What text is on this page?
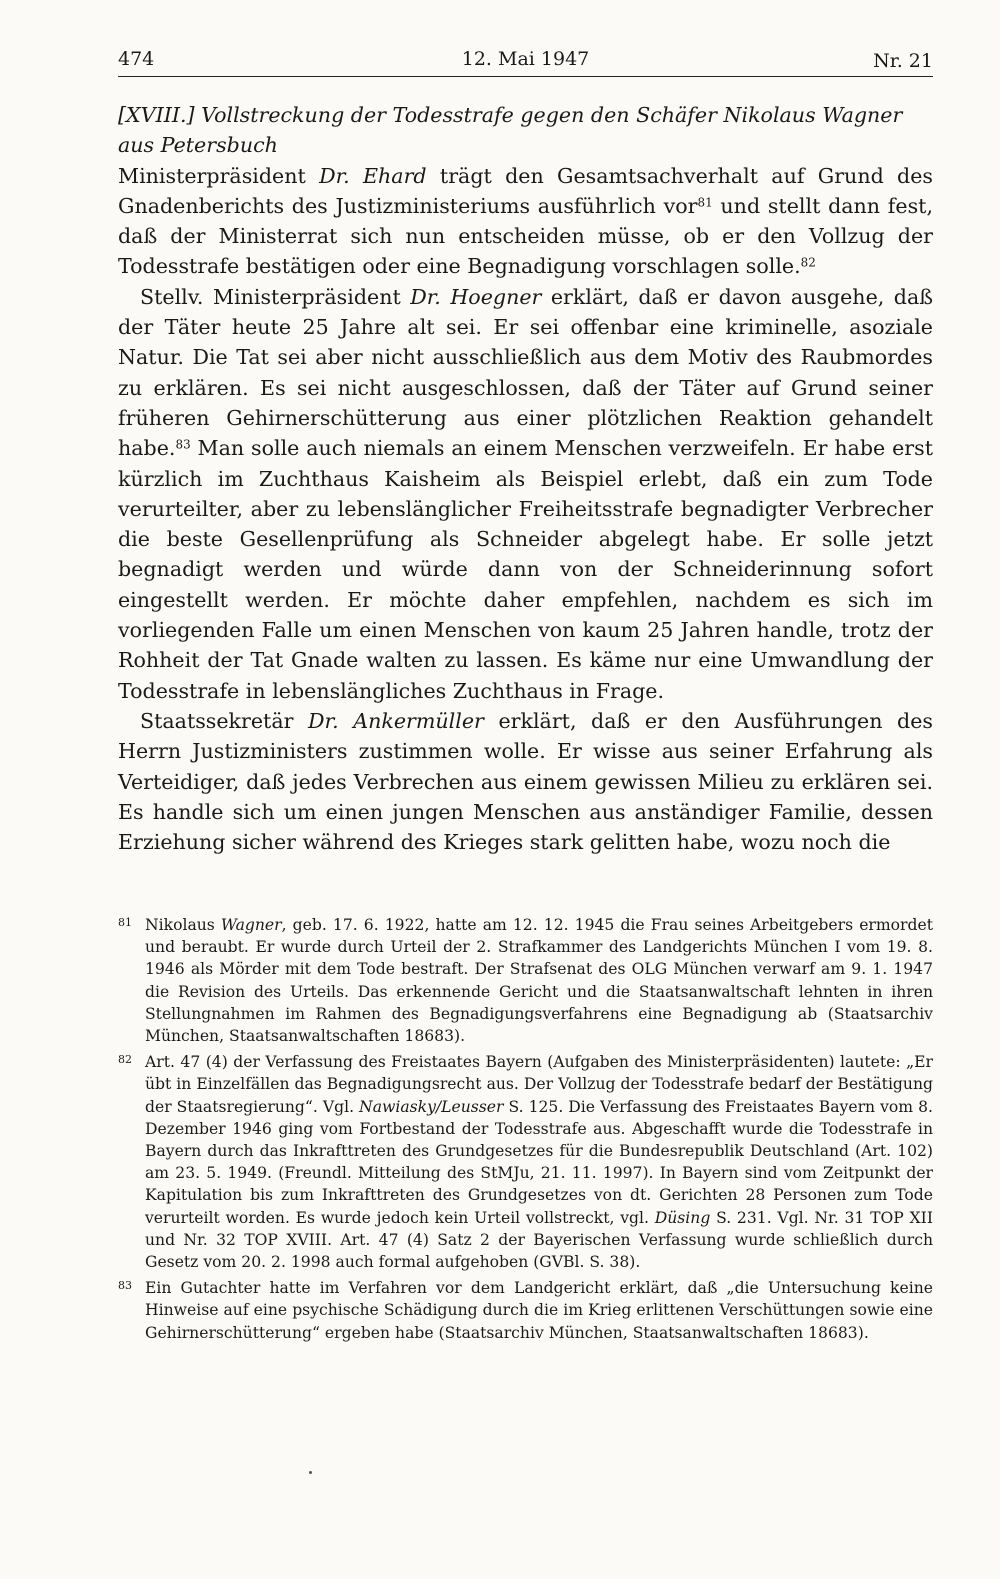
474	12. Mai 1947	Nr. 21

[XVIII.] Vollstreckung der Todesstrafe gegen den Schäfer Nikolaus Wagner
aus Petersbuch

Ministerpräsident Dr. Ehard trägt den Gesamtsachverhalt auf Grund des Gnadenberichts des Justizministeriums ausführlich vor$^{81}$ und stellt dann fest, daß der Ministerrat sich nun entscheiden müsse, ob er den Vollzug der Todesstrafe bestätigen oder eine Begnadigung vorschlagen solle.$^{82}$

Stellv. Ministerpräsident Dr. Hoegner erklärt, daß er davon ausgehe, daß der Täter heute 25 Jahre alt sei. Er sei offenbar eine kriminelle, asoziale Natur. Die Tat sei aber nicht ausschließlich aus dem Motiv des Raubmordes zu erklären. Es sei nicht ausgeschlossen, daß der Täter auf Grund seiner früheren Gehirnerschütterung aus einer plötzlichen Reaktion gehandelt habe.$^{83}$ Man solle auch niemals an einem Menschen verzweifeln. Er habe erst kürzlich im Zuchthaus Kaisheim als Beispiel erlebt, daß ein zum Tode verurteilter, aber zu lebenslänglicher Freiheitsstrafe begnadigter Verbrecher die beste Gesellenprüfung als Schneider abgelegt habe. Er solle jetzt begnadigt werden und würde dann von der Schneiderinnung sofort eingestellt werden. Er möchte daher empfehlen, nachdem es sich im vorliegenden Falle um einen Menschen von kaum 25 Jahren handle, trotz der Rohheit der Tat Gnade walten zu lassen. Es käme nur eine Umwandlung der Todesstrafe in lebenslängliches Zuchthaus in Frage.

Staatssekretär Dr. Ankermüller erklärt, daß er den Ausführungen des Herrn Justizministers zustimmen wolle. Er wisse aus seiner Erfahrung als Verteidiger, daß jedes Verbrechen aus einem gewissen Milieu zu erklären sei. Es handle sich um einen jungen Menschen aus anständiger Familie, dessen Erziehung sicher während des Krieges stark gelitten habe, wozu noch die

81 Nikolaus Wagner, geb. 17. 6. 1922, hatte am 12. 12. 1945 die Frau seines Arbeitgebers ermordet und beraubt. Er wurde durch Urteil der 2. Strafkammer des Landgerichts München I vom 19. 8. 1946 als Mörder mit dem Tode bestraft. Der Strafsenat des OLG München verwarf am 9. 1. 1947 die Revision des Urteils. Das erkennende Gericht und die Staatsanwaltschaft lehnten in ihren Stellungnahmen im Rahmen des Begnadigungsverfahrens eine Begnadigung ab (Staatsarchiv München, Staatsanwaltschaften 18683).
82 Art. 47 (4) der Verfassung des Freistaates Bayern (Aufgaben des Ministerpräsidenten) lautete: „Er übt in Einzelfällen das Begnadigungsrecht aus. Der Vollzug der Todesstrafe bedarf der Bestätigung der Staatsregierung“. Vgl. Nawiasky/Leusser S. 125. Die Verfassung des Freistaates Bayern vom 8. Dezember 1946 ging vom Fortbestand der Todesstrafe aus. Abgeschafft wurde die Todesstrafe in Bayern durch das Inkrafttreten des Grundgesetzes für die Bundesrepublik Deutschland (Art. 102) am 23. 5. 1949. (Freundl. Mitteilung des StMJu, 21. 11. 1997). In Bayern sind vom Zeitpunkt der Kapitulation bis zum Inkrafttreten des Grundgesetzes von dt. Gerichten 28 Personen zum Tode verurteilt worden. Es wurde jedoch kein Urteil vollstreckt, vgl. Düsing S. 231. Vgl. Nr. 31 TOP XII und Nr. 32 TOP XVIII. Art. 47 (4) Satz 2 der Bayerischen Verfassung wurde schließlich durch Gesetz vom 20. 2. 1998 auch formal aufgehoben (GVBl. S. 38).
83 Ein Gutachter hatte im Verfahren vor dem Landgericht erklärt, daß „die Untersuchung keine Hinweise auf eine psychische Schädigung durch die im Krieg erlittenen Verschüttungen sowie eine Gehirnerschütterung“ ergeben habe (Staatsarchiv München, Staatsanwaltschaften 18683).
